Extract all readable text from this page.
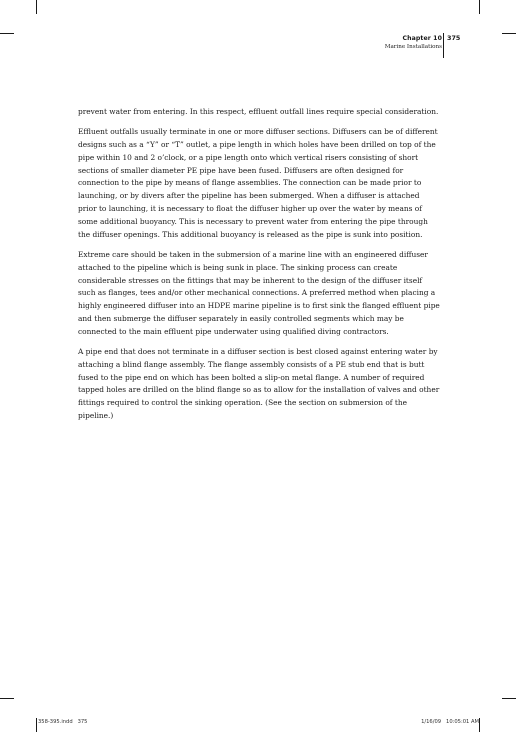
Chapter 10
Marine Installations
375

prevent water from entering. In this respect, effluent outfall lines require special consideration.

Effluent outfalls usually terminate in one or more diffuser sections. Diffusers can be of different designs such as a “Y” or “T” outlet, a pipe length in which holes have been drilled on top of the pipe within 10 and 2 o’clock, or a pipe length onto which vertical risers consisting of short sections of smaller diameter PE pipe have been fused. Diffusers are often designed for connection to the pipe by means of flange assemblies. The connection can be made prior to launching, or by divers after the pipeline has been submerged. When a diffuser is attached prior to launching, it is necessary to float the diffuser higher up over the water by means of some additional buoyancy. This is necessary to prevent water from entering the pipe through the diffuser openings. This additional buoyancy is released as the pipe is sunk into position.

Extreme care should be taken in the submersion of a marine line with an engineered diffuser attached to the pipeline which is being sunk in place. The sinking process can create considerable stresses on the fittings that may be inherent to the design of the diffuser itself such as flanges, tees and/or other mechanical connections. A preferred method when placing a highly engineered diffuser into an HDPE marine pipeline is to first sink the flanged effluent pipe and then submerge the diffuser separately in easily controlled segments which may be connected to the main effluent pipe underwater using qualified diving contractors.

A pipe end that does not terminate in a diffuser section is best closed against entering water by attaching a blind flange assembly. The flange assembly consists of a PE stub end that is butt fused to the pipe end on which has been bolted a slip-on metal flange. A number of required tapped holes are drilled on the blind flange so as to allow for the installation of valves and other fittings required to control the sinking operation. (See the section on submersion of the pipeline.)

358-395.indd   375	1/16/09   10:05:01 AM
